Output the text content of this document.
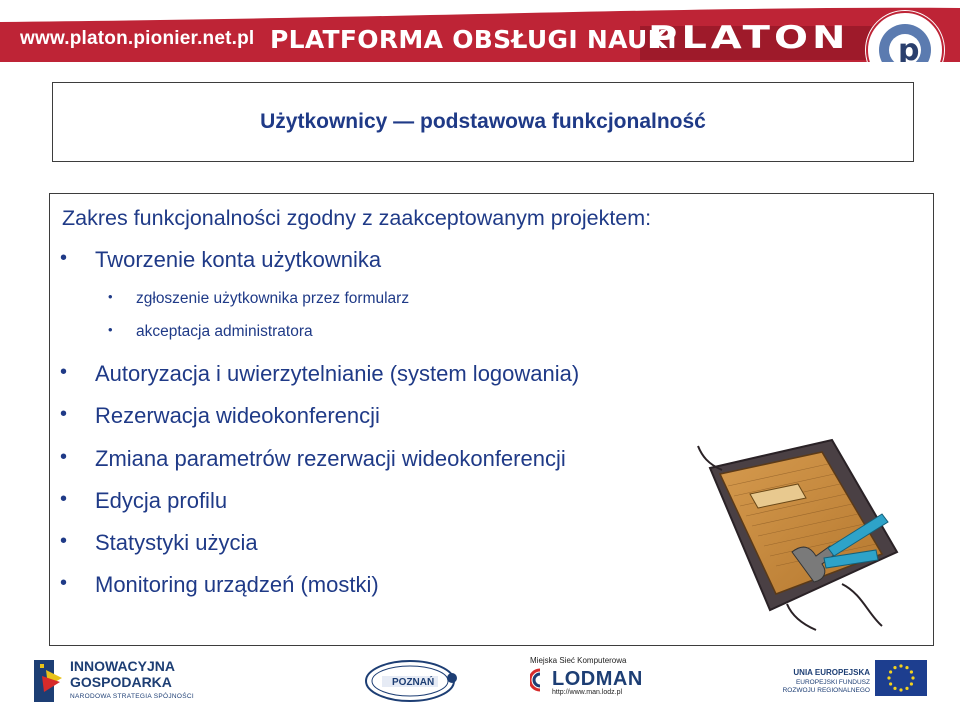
www.platon.pionier.net.pl PLATFORMA OBSŁUGI NAUKI
PLATON p
Użytkownicy — podstawowa funkcjonalność
Zakres funkcjonalności zgodny z zaakceptowanym projektem:
• Tworzenie konta użytkownika
• zgłoszenie użytkownika przez formularz
• akceptacja administratora
• Autoryzacja i uwierzytelnianie (system logowania)
• Rezerwacja wideokonferencji
• Zmiana parametrów rezerwacji wideokonferencji
• Edycja profilu
• Statystyki użycia
• Monitoring urządzeń (mostki)
INNOWACYJNA
GOSPODARKA
NARODOWA STRATEGIA SPÓJNOŚCI
POZNAŃ
Miejska Sieć Komputerowa
LODMAN
http://www.man.lodz.pl
UNIA EUROPEJSKA
EUROPEJSKI FUNDUSZ
ROZWOJU REGIONALNEGO
